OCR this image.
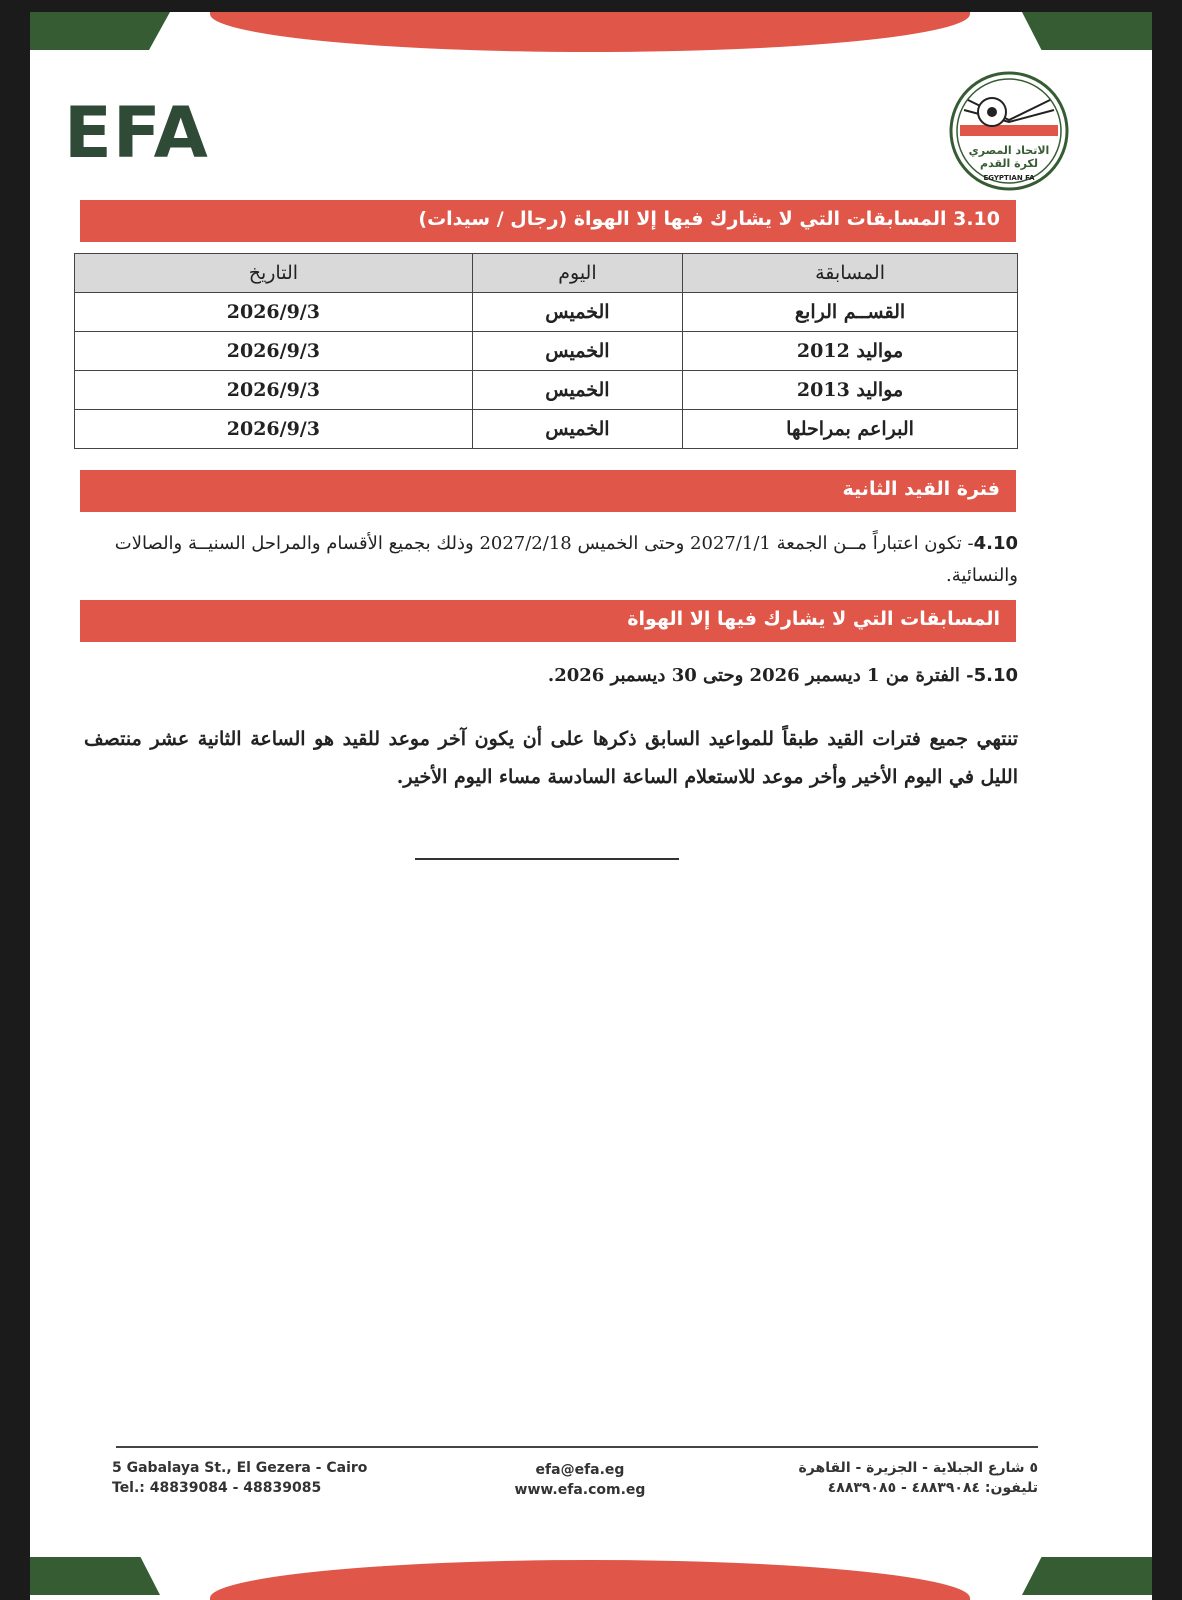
EFA	الاتحاد المصري
لكرة القدم
EGYPTIAN FA
3.10 المسابقات التي لا يشارك فيها إلا الهواة (رجال / سيدات)
المسابقة	اليوم	التاريخ
القســم الرابع	الخميس	2026/9/3
مواليد 2012	الخميس	2026/9/3
مواليد 2013	الخميس	2026/9/3
البراعم بمراحلها	الخميس	2026/9/3
فترة القيد الثانية
4.10- تكون اعتباراً مــن الجمعة 2027/1/1 وحتى الخميس 2027/2/18 وذلك بجميع الأقسام والمراحل السنيــة والصالات والنسائية.
المسابقات التي لا يشارك فيها إلا الهواة
5.10- الفترة من 1 ديسمبر 2026 وحتى 30 ديسمبر 2026.
تنتهي جميع فترات القيد طبقاً للمواعيد السابق ذكرها على أن يكون آخر موعد للقيد هو الساعة الثانية عشر منتصف الليل في اليوم الأخير وأخر موعد للاستعلام الساعة السادسة مساء اليوم الأخير.
5 Gabalaya St., El Gezera - Cairo
Tel.: 48839084 - 48839085
efa@efa.eg
www.efa.com.eg
٥ شارع الجبلاية - الجزيرة - القاهرة
تليفون: ٤٨٨٣٩٠٨٤ - ٤٨٨٣٩٠٨٥
